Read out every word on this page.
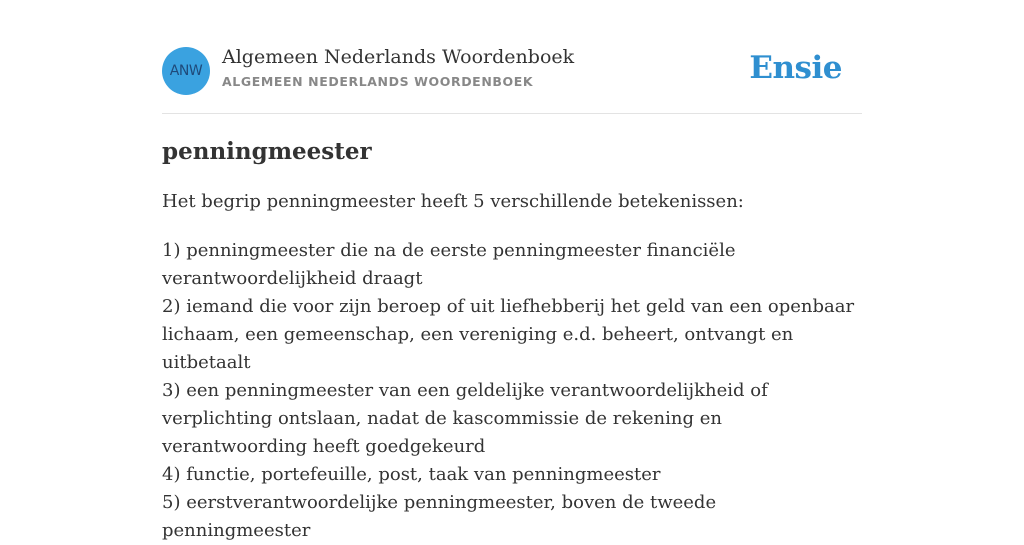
ANW
Algemeen Nederlands Woordenboek
ALGEMEEN NEDERLANDS WOORDENBOEK	Ensie
penningmeester

Het begrip penningmeester heeft 5 verschillende betekenissen:

1) penningmeester die na de eerste penningmeester financiële verantwoordelijkheid draagt
2) iemand die voor zijn beroep of uit liefhebberij het geld van een openbaar lichaam, een gemeenschap, een vereniging e.d. beheert, ontvangt en uitbetaalt
3) een penningmeester van een geldelijke verantwoordelijkheid of verplichting ontslaan, nadat de kascommissie de rekening en verantwoording heeft goedgekeurd
4) functie, portefeuille, post, taak van penningmeester
5) eerstverantwoordelijke penningmeester, boven de tweede penningmeester
